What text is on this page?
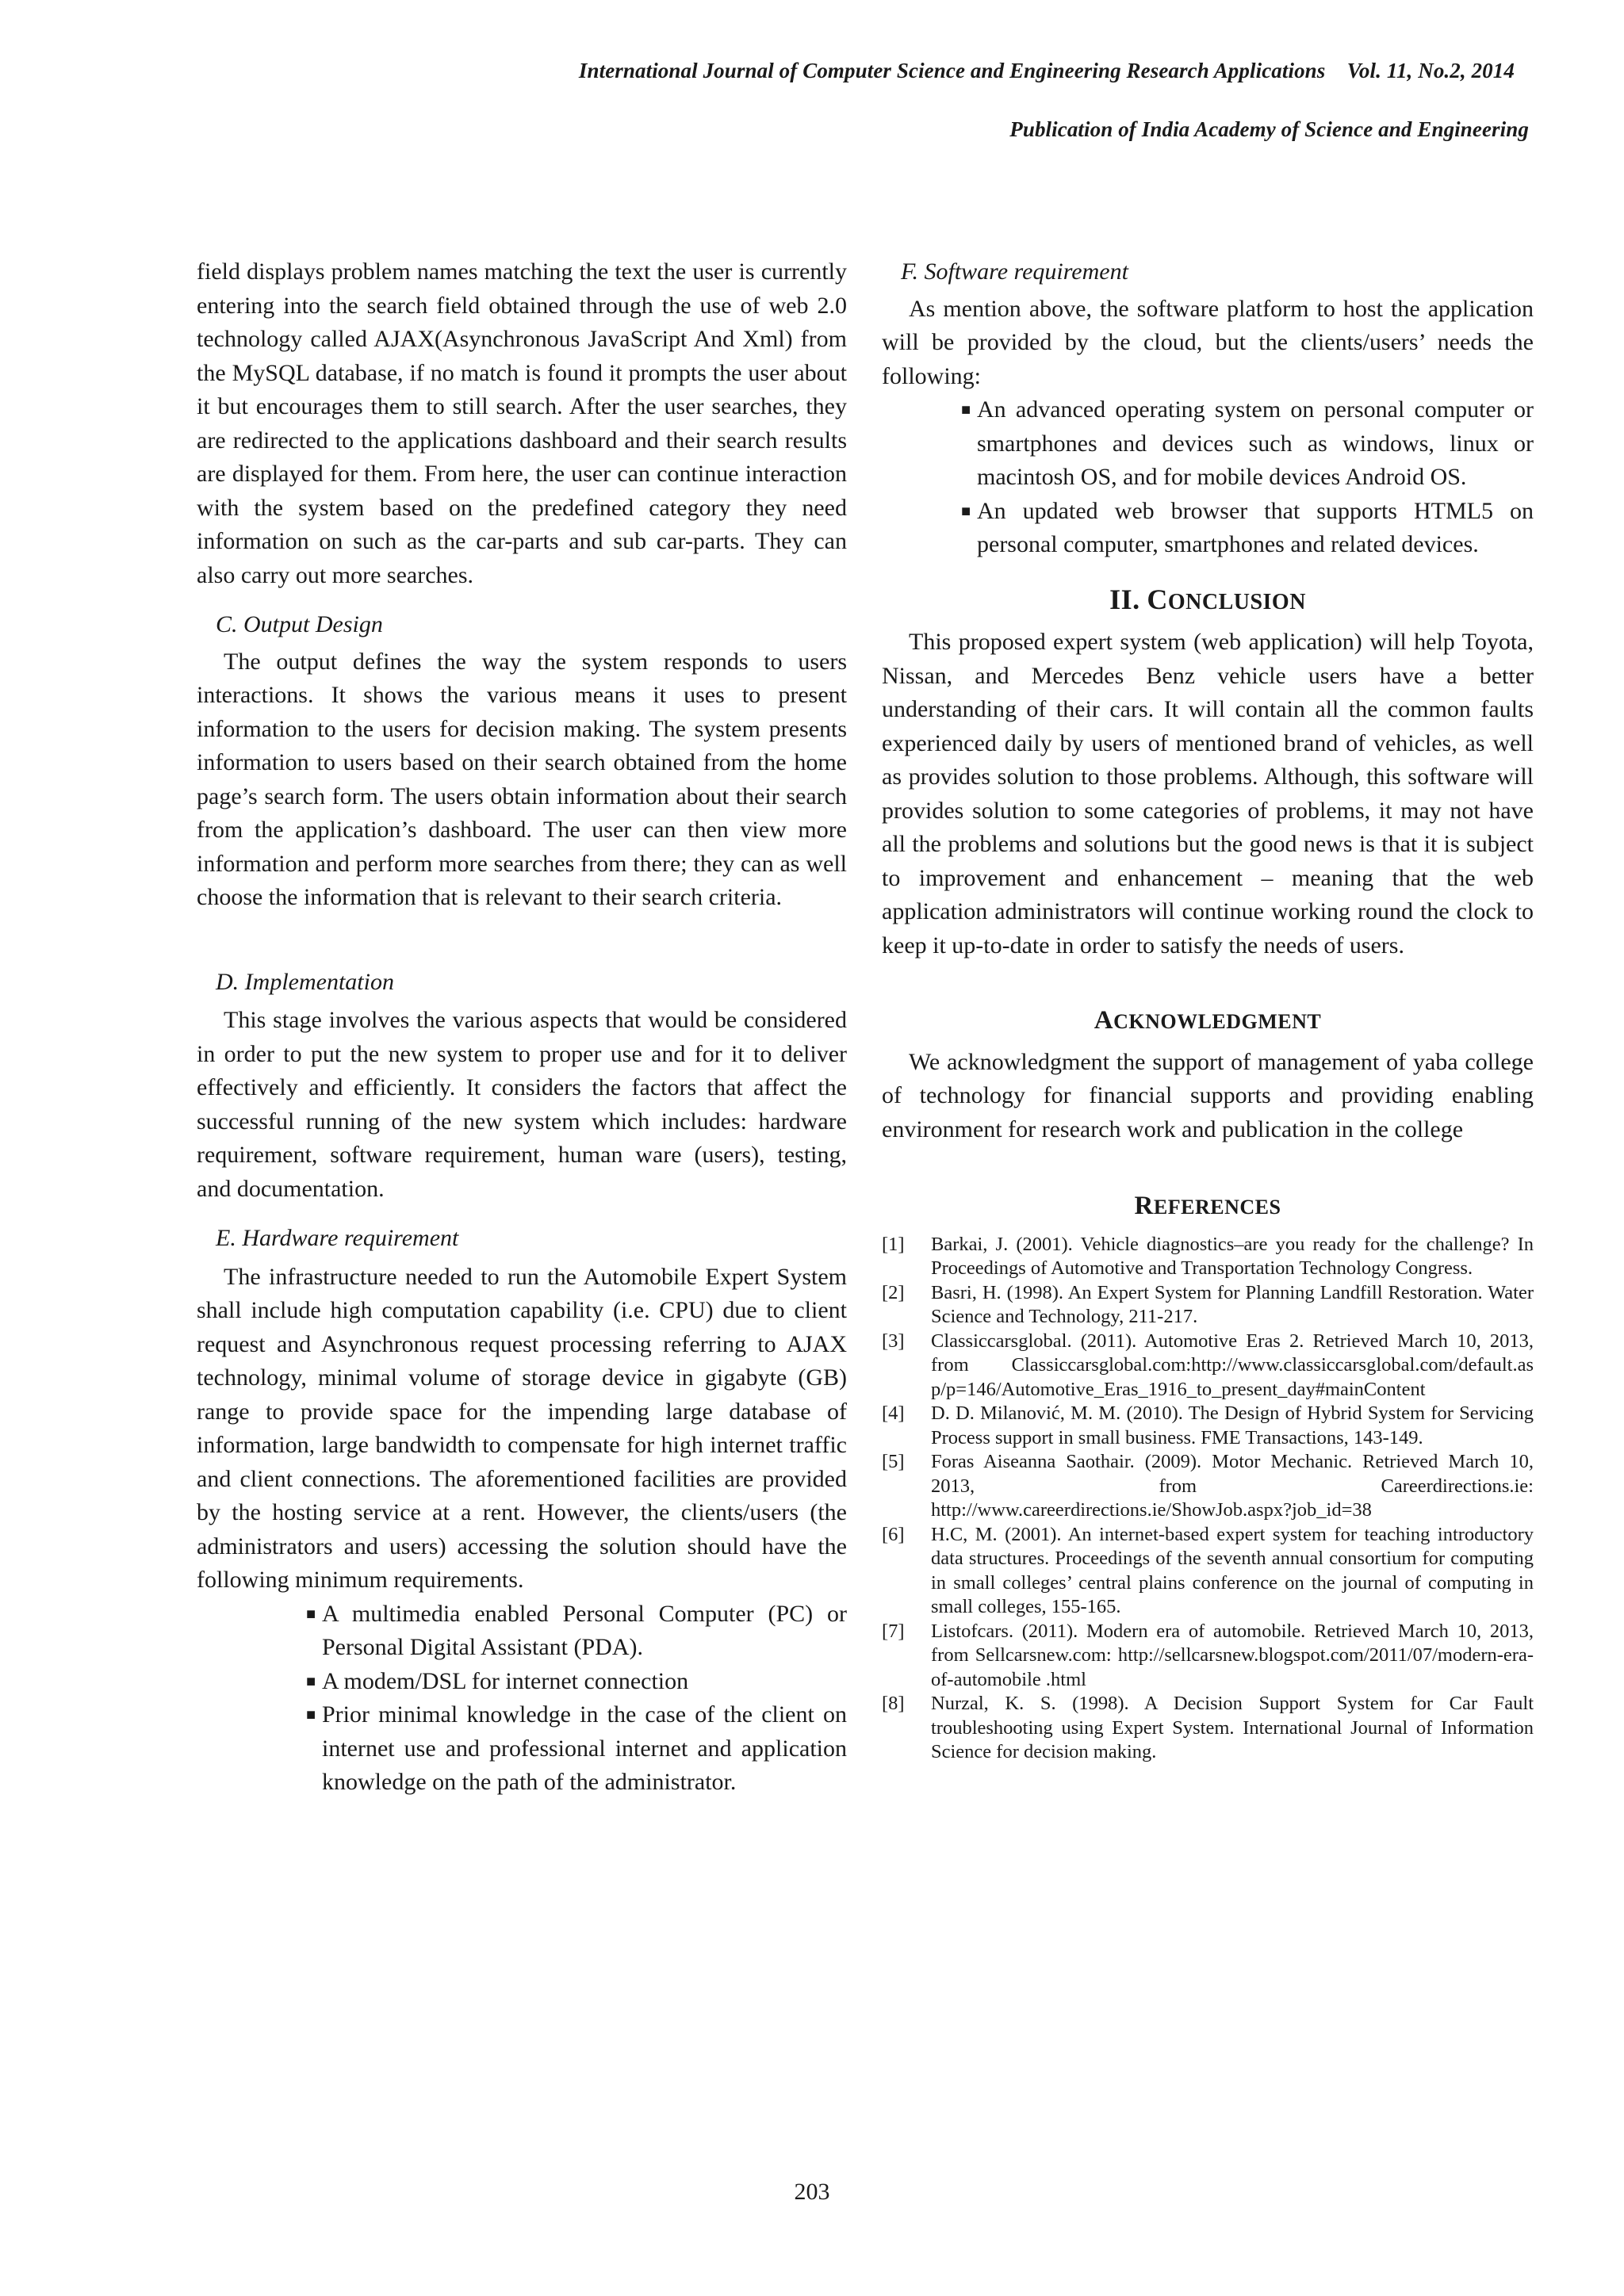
International Journal of Computer Science and Engineering Research Applications    Vol. 11, No.2, 2014
Publication of India Academy of Science and Engineering

field displays problem names matching the text the user is currently entering into the search field obtained through the use of web 2.0 technology called AJAX(Asynchronous JavaScript And Xml) from the MySQL database, if no match is found it prompts the user about it but encourages them to still search. After the user searches, they are redirected to the applications dashboard and their search results are displayed for them. From here, the user can continue interaction with the system based on the predefined category they need information on such as the car-parts and sub car-parts. They can also carry out more searches.

C. Output Design

The output defines the way the system responds to users interactions. It shows the various means it uses to present information to the users for decision making. The system presents information to users based on their search obtained from the home page’s search form. The users obtain information about their search from the application’s dashboard. The user can then view more information and perform more searches from there; they can as well choose the information that is relevant to their search criteria.

D. Implementation

This stage involves the various aspects that would be considered in order to put the new system to proper use and for it to deliver effectively and efficiently. It considers the factors that affect the successful running of the new system which includes: hardware requirement, software requirement, human ware (users), testing, and documentation.

E. Hardware requirement

The infrastructure needed to run the Automobile Expert System shall include high computation capability (i.e. CPU) due to client request and Asynchronous request processing referring to AJAX technology, minimal volume of storage device in gigabyte (GB) range to provide space for the impending large database of information, large bandwidth to compensate for high internet traffic and client connections. The aforementioned facilities are provided by the hosting service at a rent. However, the clients/users (the administrators and users) accessing the solution should have the following minimum requirements.

■ A multimedia enabled Personal Computer (PC) or Personal Digital Assistant (PDA).
■ A modem/DSL for internet connection
■ Prior minimal knowledge in the case of the client on internet use and professional internet and application knowledge on the path of the administrator.
F. Software requirement

As mention above, the software platform to host the application will be provided by the cloud, but the clients/users’ needs the following:

■ An advanced operating system on personal computer or smartphones and devices such as windows, linux or macintosh OS, and for mobile devices Android OS.
■ An updated web browser that supports HTML5 on personal computer, smartphones and related devices.
II. CONCLUSION

This proposed expert system (web application) will help Toyota, Nissan, and Mercedes Benz vehicle users have a better understanding of their cars. It will contain all the common faults experienced daily by users of mentioned brand of vehicles, as well as provides solution to those problems. Although, this software will provides solution to some categories of problems, it may not have all the problems and solutions but the good news is that it is subject to improvement and enhancement – meaning that the web application administrators will continue working round the clock to keep it up-to-date in order to satisfy the needs of users.

ACKNOWLEDGMENT

We acknowledgment the support of management of yaba college of technology for financial supports and providing enabling environment for research work and publication in the college

REFERENCES
[1] Barkai, J. (2001). Vehicle diagnostics–are you ready for the challenge? In Proceedings of Automotive and Transportation Technology Congress.
[2] Basri, H. (1998). An Expert System for Planning Landfill Restoration. Water Science and Technology, 211-217.
[3] Classiccarsglobal. (2011). Automotive Eras 2. Retrieved March 10, 2013, from Classiccarsglobal.com:http://www.classiccarsglobal.com/default.as p/p=146/Automotive_Eras_1916_to_present_day#mainContent
[4] D. D. Milanović, M. M. (2010). The Design of Hybrid System for Servicing Process support in small business. FME Transactions, 143-149.
[5] Foras Aiseanna Saothair. (2009). Motor Mechanic. Retrieved March 10, 2013, from Careerdirections.ie: http://www.careerdirections.ie/ShowJob.aspx?job_id=38
[6] H.C, M. (2001). An internet-based expert system for teaching introductory data structures. Proceedings of the seventh annual consortium for computing in small colleges’ central plains conference on the journal of computing in small colleges, 155-165.
[7] Listofcars. (2011). Modern era of automobile. Retrieved March 10, 2013, from Sellcarsnew.com: http://sellcarsnew.blogspot.com/2011/07/modern-era-of-automobile .html
[8] Nurzal, K. S. (1998). A Decision Support System for Car Fault troubleshooting using Expert System. International Journal of Information Science for decision making.
203
